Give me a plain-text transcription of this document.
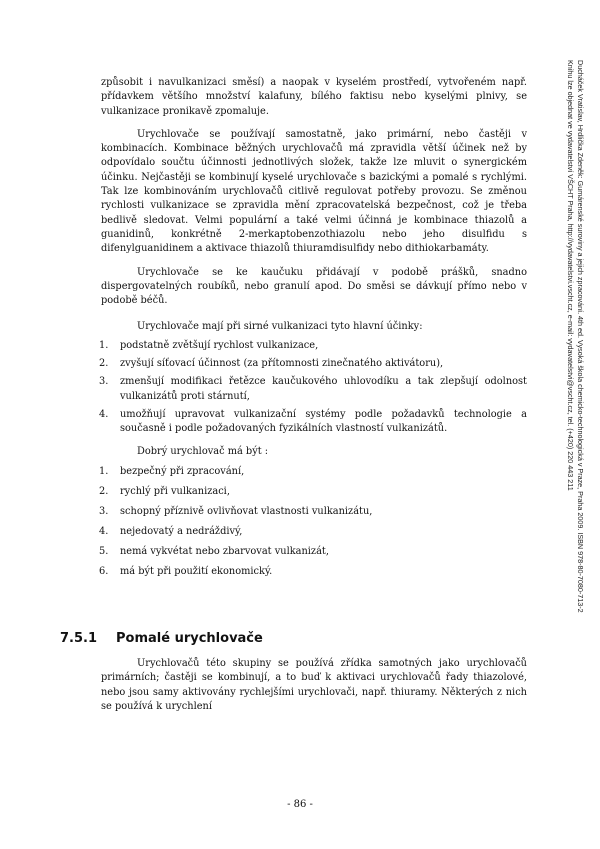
způsobit i navulkanizaci směsí) a naopak v kyselém prostředí, vytvořeném např. přídavkem většího množství kalafuny, bílého faktisu nebo kyselými plnivy, se vulkanizace pronikavě zpomaluje.

Urychlovače se používají samostatně, jako primární, nebo častěji v kombinacích. Kombinace běžných urychlovačů má zpravidla větší účinek než by odpovídalo součtu účinnosti jednotlivých složek, takže lze mluvit o synergickém účinku. Nejčastěji se kombinují kyselé urychlovače s bazickými a pomalé s rychlými. Tak lze kombinováním urychlovačů citlivě regulovat potřeby provozu. Se změnou rychlosti vulkanizace se zpravidla mění zpracovatelská bezpečnost, což je třeba bedlivě sledovat. Velmi populární a také velmi účinná je kombinace thiazolů a guanidinů, konkrétně 2-merkaptobenzothiazolu nebo jeho disulfidu s difenylguanidinem a aktivace thiazolů thiuramdisulfidy nebo dithiokarbamáty.

Urychlovače se ke kaučuku přidávají v podobě prášků, snadno dispergovatelných roubíků, nebo granulí apod. Do směsi se dávkují přímo nebo v podobě béčů.

Urychlovače mají při sirné vulkanizaci tyto hlavní účinky:

1. podstatně zvětšují rychlost vulkanizace,
2. zvyšují síťovací účinnost (za přítomnosti zinečnatého aktivátoru),
3. zmenšují modifikaci řetězce kaučukového uhlovodíku a tak zlepšují odolnost vulkanizátů proti stárnutí,
4. umožňují upravovat vulkanizační systémy podle požadavků technologie a současně i podle požadovaných fyzikálních vlastností vulkanizátů.

Dobrý urychlovač má být :

1. bezpečný při zpracování,
2. rychlý při vulkanizaci,
3. schopný příznivě ovlivňovat vlastnosti vulkanizátu,
4. nejedovatý a nedráždivý,
5. nemá vykvétat nebo zbarvovat vulkanizát,
6. má být při použití ekonomický.
7.5.1 Pomalé urychlovače

Urychlovačů této skupiny se používá zřídka samotných jako urychlovačů primárních; častěji se kombinují, a to buď k aktivaci urychlovačů řady thiazolové, nebo jsou samy aktivovány rychlejšími urychlovači, např. thiuramy. Některých z nich se používá k urychlení

- 86 -
Ducháček Vratislav, Hrdlička Zdeněk: Gumárenské suroviny a jejich zpracování. 4th ed. Vysoká škola chemicko-technologická v Praze, Praha 2009. ISBN 978-80-7080-713-2
Knihu lze objednat ve vydavatelství VŠCHT Praha, http://vydavatelstvi.vscht.cz, e-mail: vydavatelstvi@vscht.cz, tel. (+420) 220 443 211
